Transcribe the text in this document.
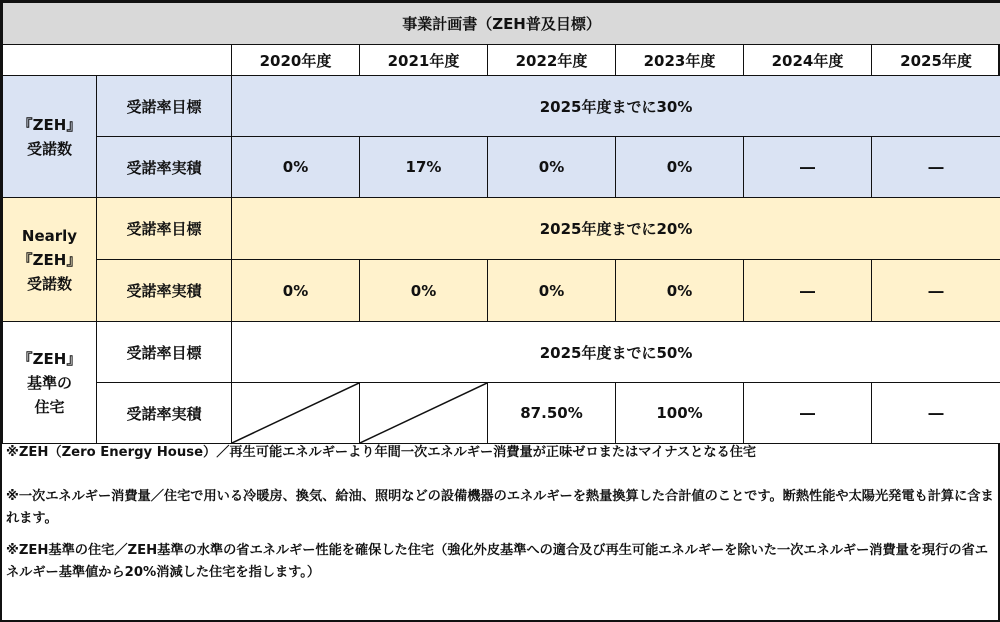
事業計画書（ZEH普及目標）							
		2020年度	2021年度	2022年度	2023年度	2024年度	2025年度

『ZEH』
受諾数	受諾率目標	2025年度までに30%					
	受諾率実積	0%	17%	0%	0%	―	―

Nearly
『ZEH』
受諾数	受諾率目標	2025年度までに20%					
	受諾率実積	0%	0%	0%	0%	―	―

『ZEH』
基準の
住宅	受諾率目標	2025年度までに50%					
	受諾率実積			87.50%	100%	―	―

※ZEH（Zero Energy House）／再生可能エネルギーより年間一次エネルギー消費量が正味ゼロまたはマイナスとなる住宅

※一次エネルギー消費量／住宅で用いる冷暖房、換気、給油、照明などの設備機器のエネルギーを熱量換算した合計値のことです。断熱性能や太陽光発電も計算に含まれます。

※ZEH基準の住宅／ZEH基準の水準の省エネルギー性能を確保した住宅（強化外皮基準への適合及び再生可能エネルギーを除いた一次エネルギー消費量を現行の省エネルギー基準値から20%消減した住宅を指します。）
